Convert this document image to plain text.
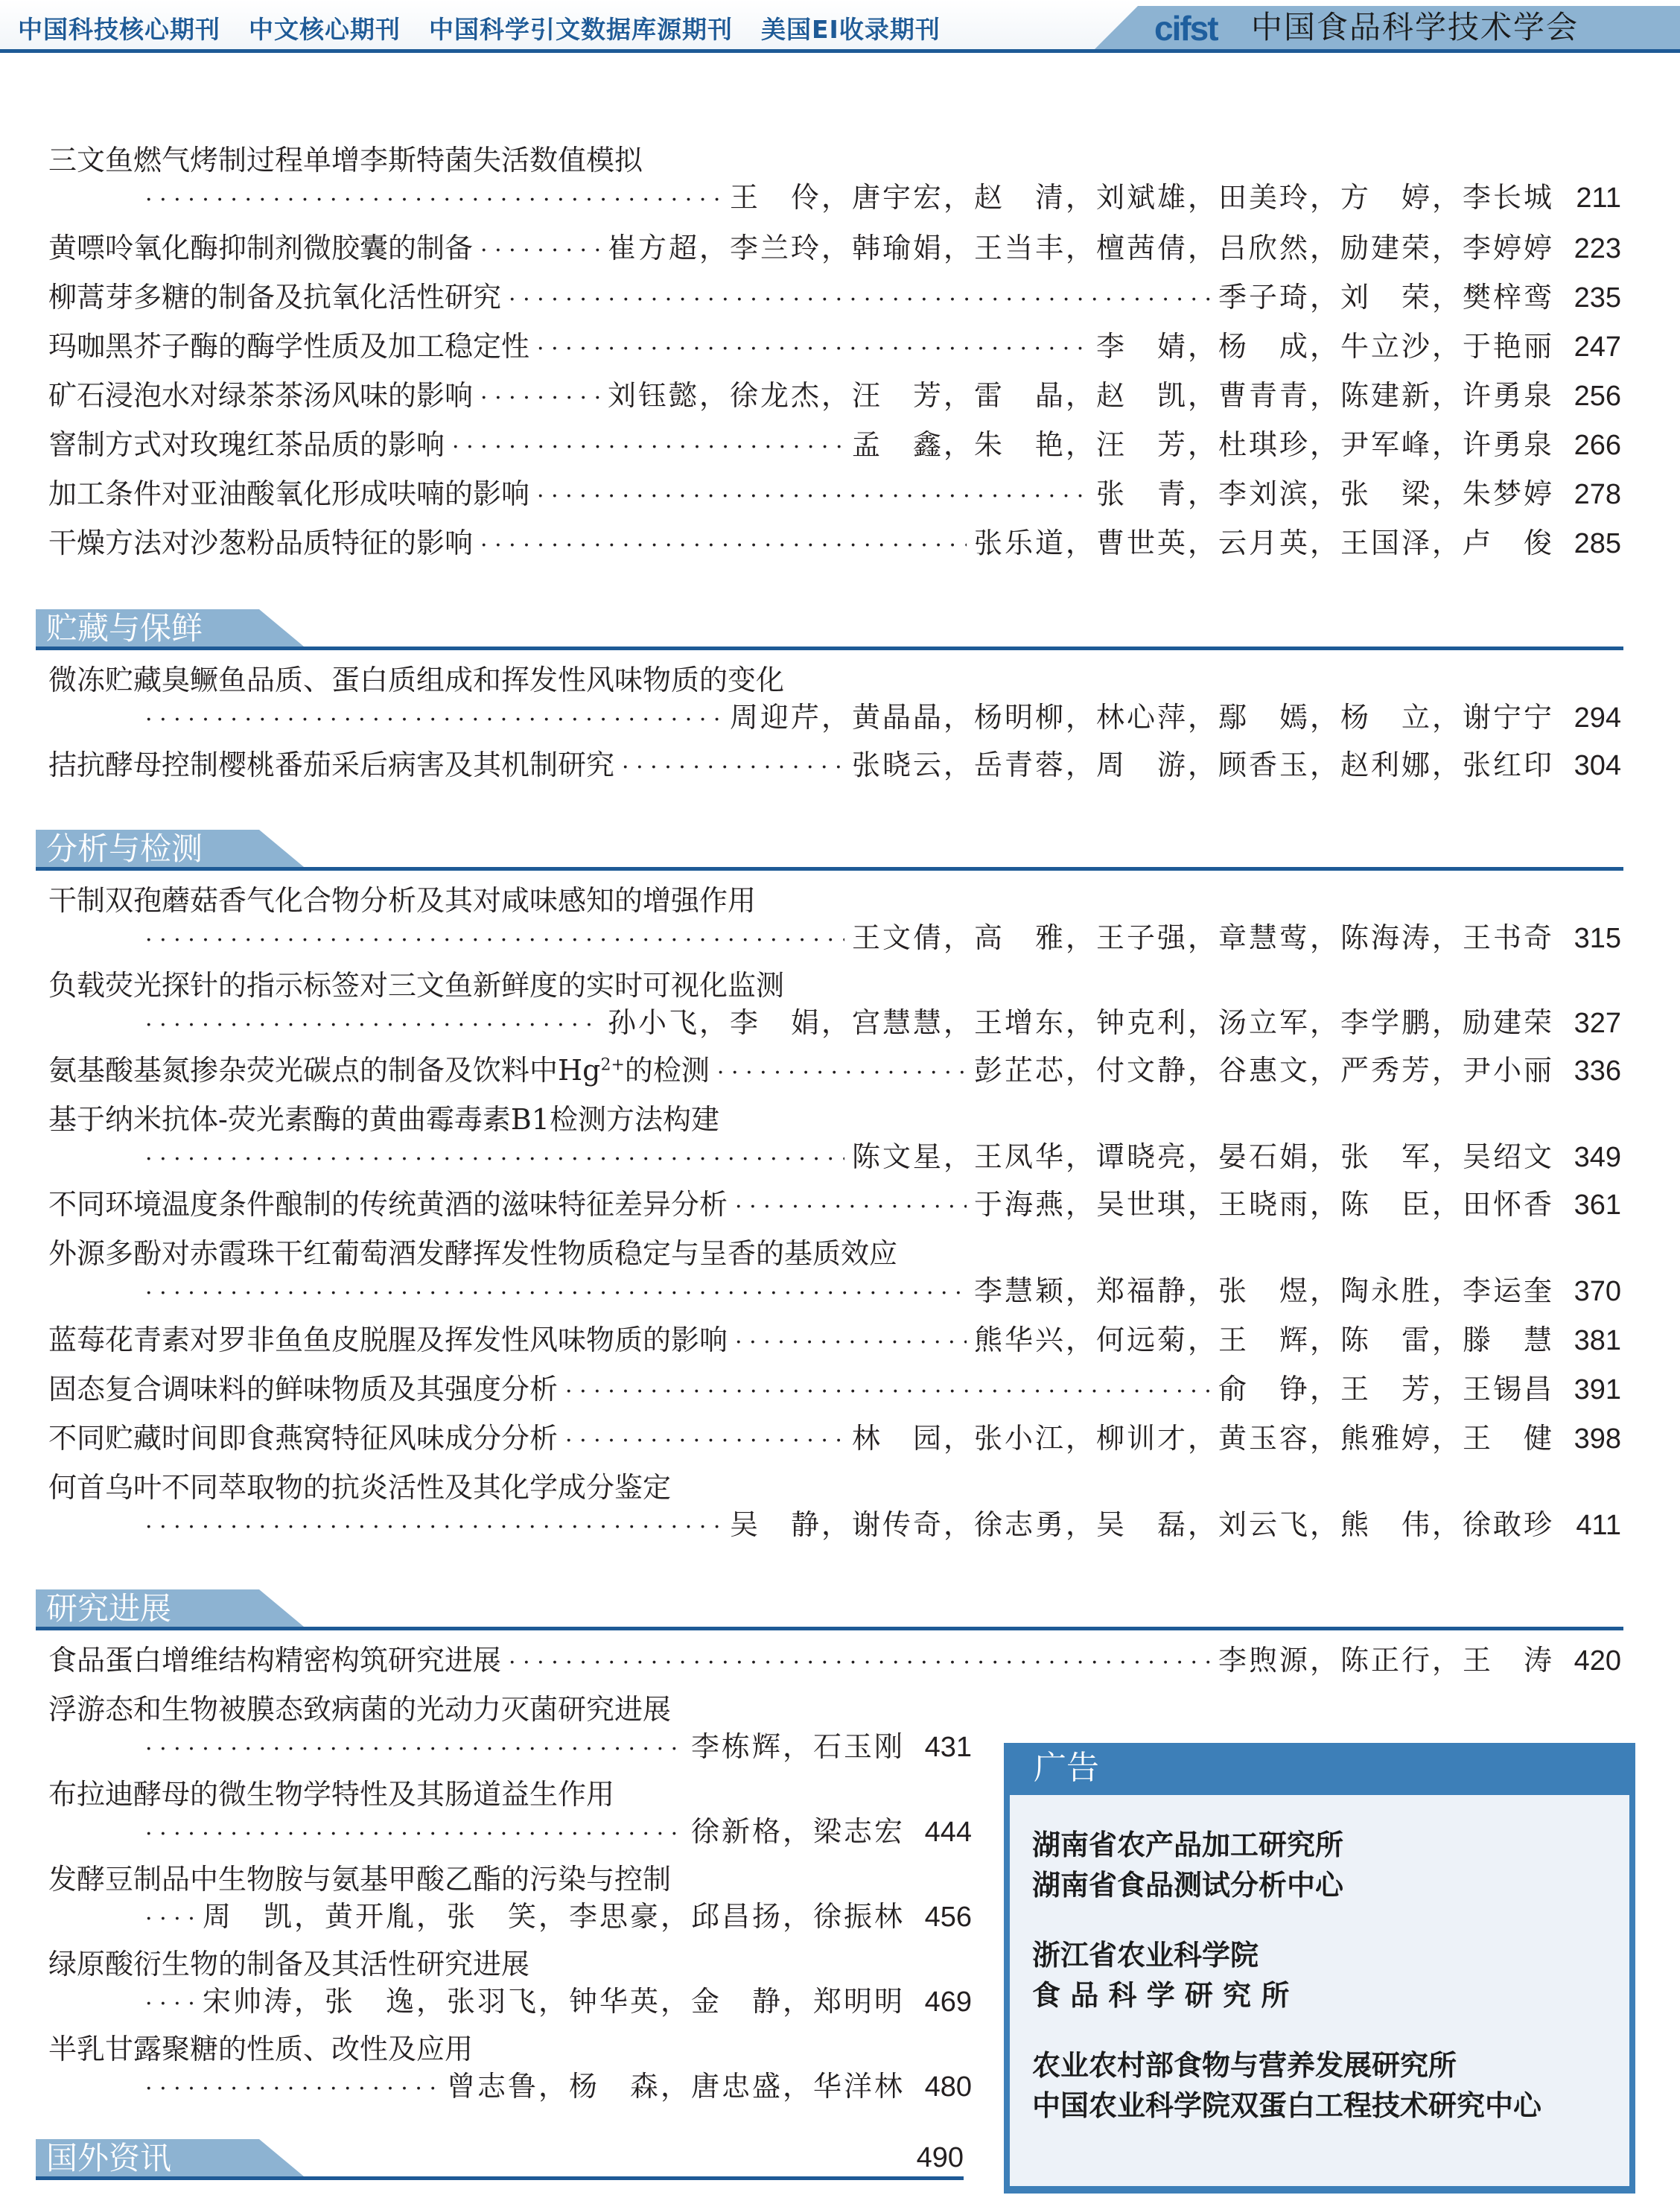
中国科技核心期刊 中文核心期刊 中国科学引文数据库源期刊 美国EI收录期刊	cifst 中国食品科学技术学会
三文鱼燃气烤制过程单增李斯特菌失活数值模拟
· · ·
王　伶，唐宇宏，赵　清，刘斌雄，田美玲，方　婷，李长城 211
黄嘌呤氧化酶抑制剂微胶囊的制备 · · ·	崔方超，李兰玲，韩瑜娟，王当丰，檀茜倩，吕欣然，励建荣，李婷婷 223
柳蒿芽多糖的制备及抗氧化活性研究 · · ·	季子琦，刘　荣，樊梓鸾 235
玛咖黑芥子酶的酶学性质及加工稳定性 · · ·	李　婧，杨　成，牛立沙，于艳丽 247
矿石浸泡水对绿茶茶汤风味的影响 · · ·	刘钰懿，徐龙杰，汪　芳，雷　晶，赵　凯，曹青青，陈建新，许勇泉 256
窨制方式对玫瑰红茶品质的影响 · · ·	孟　鑫，朱　艳，汪　芳，杜琪珍，尹军峰，许勇泉 266
加工条件对亚油酸氧化形成呋喃的影响 · · ·	张　青，李刘滨，张　梁，朱梦婷 278
干燥方法对沙葱粉品质特征的影响 · · ·	张乐道，曹世英，云月英，王国泽，卢　俊 285
贮藏与保鲜
微冻贮藏臭鳜鱼品质、蛋白质组成和挥发性风味物质的变化
· · ·
周迎芹，黄晶晶，杨明柳，林心萍，鄢　嫣，杨　立，谢宁宁 294
拮抗酵母控制樱桃番茄采后病害及其机制研究 · · ·	张晓云，岳青蓉，周　游，顾香玉，赵利娜，张红印 304
分析与检测
干制双孢蘑菇香气化合物分析及其对咸味感知的增强作用
· · ·
王文倩，高　雅，王子强，章慧莺，陈海涛，王书奇 315
负载荧光探针的指示标签对三文鱼新鲜度的实时可视化监测
· · ·
孙小飞，李　娟，宫慧慧，王增东，钟克利，汤立军，李学鹏，励建荣 327
氨基酸基氮掺杂荧光碳点的制备及饮料中$Hg^{2+}$的检测 · · ·	彭芷芯，付文静，谷惠文，严秀芳，尹小丽 336
基于纳米抗体-荧光素酶的黄曲霉毒素B1检测方法构建
· · ·
陈文星，王凤华，谭晓亮，晏石娟，张　军，吴绍文 349
不同环境温度条件酿制的传统黄酒的滋味特征差异分析 · · ·	于海燕，吴世琪，王晓雨，陈　臣，田怀香 361
外源多酚对赤霞珠干红葡萄酒发酵挥发性物质稳定与呈香的基质效应
· · ·
李慧颖，郑福静，张　煜，陶永胜，李运奎 370
蓝莓花青素对罗非鱼鱼皮脱腥及挥发性风味物质的影响 · · ·	熊华兴，何远菊，王　辉，陈　雷，滕　慧 381
固态复合调味料的鲜味物质及其强度分析 · · ·	俞　铮，王　芳，王锡昌 391
不同贮藏时间即食燕窝特征风味成分分析 · · ·	林　园，张小江，柳训才，黄玉容，熊雅婷，王　健 398
何首乌叶不同萃取物的抗炎活性及其化学成分鉴定
· · ·
吴　静，谢传奇，徐志勇，吴　磊，刘云飞，熊　伟，徐敢珍 411
研究进展
食品蛋白增维结构精密构筑研究进展 · · ·	李煦源，陈正行，王　涛 420
浮游态和生物被膜态致病菌的光动力灭菌研究进展
· · ·
李栋辉，石玉刚 431
布拉迪酵母的微生物学特性及其肠道益生作用
· · ·
徐新格，梁志宏 444
发酵豆制品中生物胺与氨基甲酸乙酯的污染与控制
· · ·
周　凯，黄开胤，张　笑，李思豪，邱昌扬，徐振林 456
绿原酸衍生物的制备及其活性研究进展
· · ·
宋帅涛，张　逸，张羽飞，钟华英，金　静，郑明明 469
半乳甘露聚糖的性质、改性及应用
· · ·
曾志鲁，杨　森，唐忠盛，华洋林 480
国外资讯	490
广告
湖南省农产品加工研究所
湖南省食品测试分析中心
浙江省农业科学院
食 品 科 学 研 究 所
农业农村部食物与营养发展研究所
中国农业科学院双蛋白工程技术研究中心
